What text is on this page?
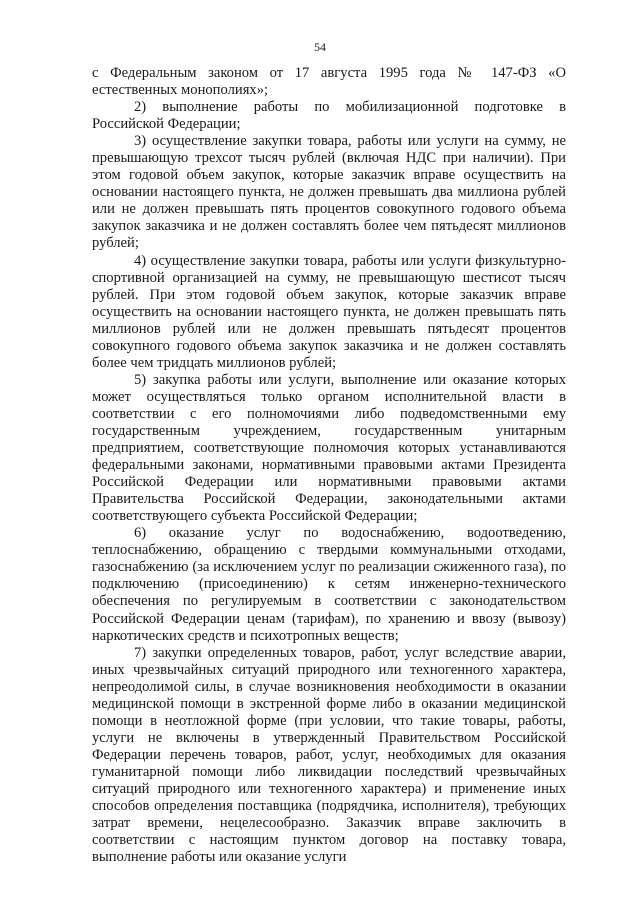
54

с Федеральным законом от 17 августа 1995 года № 147-ФЗ «О естественных монополиях»;

2) выполнение работы по мобилизационной подготовке в Российской Федерации;

3) осуществление закупки товара, работы или услуги на сумму, не превышающую трехсот тысяч рублей (включая НДС при наличии). При этом годовой объем закупок, которые заказчик вправе осуществить на основании настоящего пункта, не должен превышать два миллиона рублей или не должен превышать пять процентов совокупного годового объема закупок заказчика и не должен составлять более чем пятьдесят миллионов рублей;

4) осуществление закупки товара, работы или услуги физкультурно-спортивной организацией на сумму, не превышающую шестисот тысяч рублей. При этом годовой объем закупок, которые заказчик вправе осуществить на основании настоящего пункта, не должен превышать пять миллионов рублей или не должен превышать пятьдесят процентов совокупного годового объема закупок заказчика и не должен составлять более чем тридцать миллионов рублей;

5) закупка работы или услуги, выполнение или оказание которых может осуществляться только органом исполнительной власти в соответствии с его полномочиями либо подведомственными ему государственным учреждением, государственным унитарным предприятием, соответствующие полномочия которых устанавливаются федеральными законами, нормативными правовыми актами Президента Российской Федерации или нормативными правовыми актами Правительства Российской Федерации, законодательными актами соответствующего субъекта Российской Федерации;

6) оказание услуг по водоснабжению, водоотведению, теплоснабжению, обращению с твердыми коммунальными отходами, газоснабжению (за исключением услуг по реализации сжиженного газа), по подключению (присоединению) к сетям инженерно-технического обеспечения по регулируемым в соответствии с законодательством Российской Федерации ценам (тарифам), по хранению и ввозу (вывозу) наркотических средств и психотропных веществ;

7) закупки определенных товаров, работ, услуг вследствие аварии, иных чрезвычайных ситуаций природного или техногенного характера, непреодолимой силы, в случае возникновения необходимости в оказании медицинской помощи в экстренной форме либо в оказании медицинской помощи в неотложной форме (при условии, что такие товары, работы, услуги не включены в утвержденный Правительством Российской Федерации перечень товаров, работ, услуг, необходимых для оказания гуманитарной помощи либо ликвидации последствий чрезвычайных ситуаций природного или техногенного характера) и применение иных способов определения поставщика (подрядчика, исполнителя), требующих затрат времени, нецелесообразно. Заказчик вправе заключить в соответствии с настоящим пунктом договор на поставку товара, выполнение работы или оказание услуги
